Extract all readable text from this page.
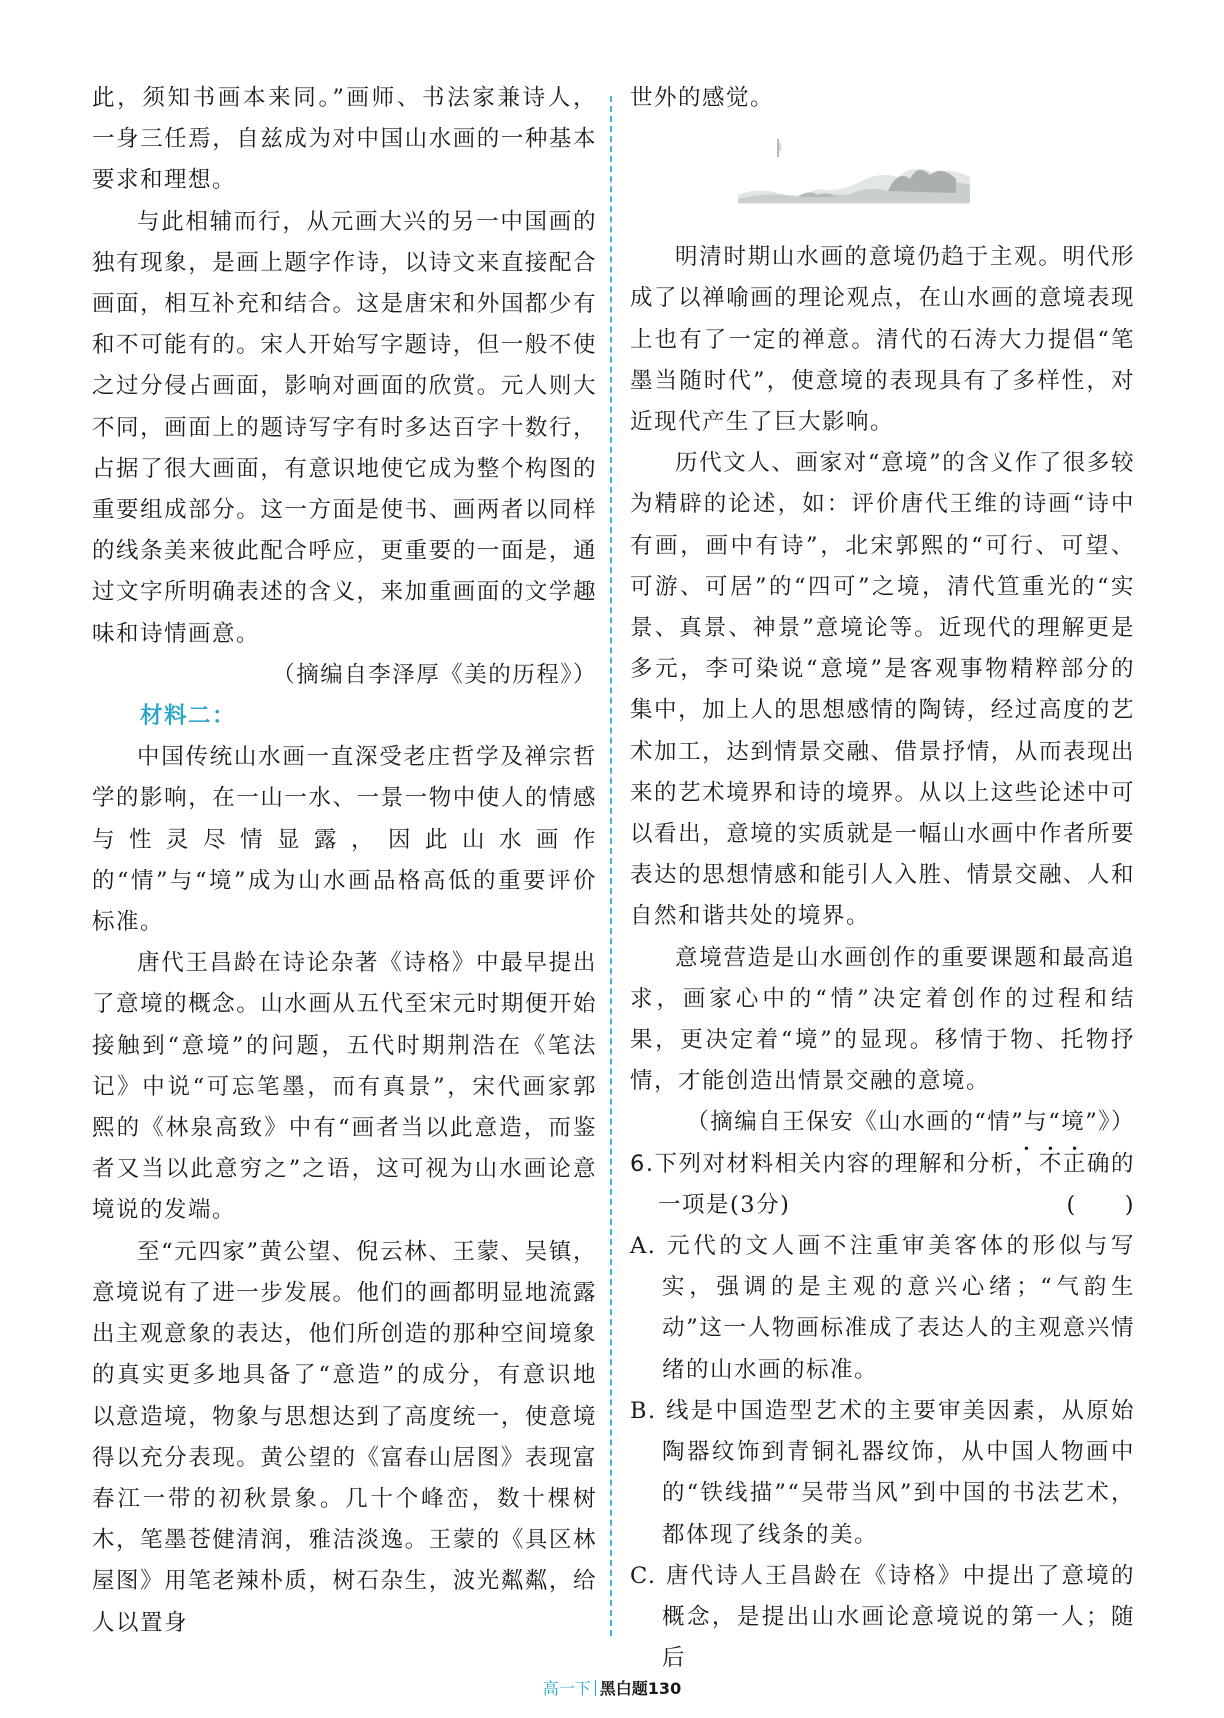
此，须知书画本来同。”画师、书法家兼诗人，一身三任焉，自兹成为对中国山水画的一种基本要求和理想。

与此相辅而行，从元画大兴的另一中国画的独有现象，是画上题字作诗，以诗文来直接配合画面，相互补充和结合。这是唐宋和外国都少有和不可能有的。宋人开始写字题诗，但一般不使之过分侵占画面，影响对画面的欣赏。元人则大不同，画面上的题诗写字有时多达百字十数行，占据了很大画面，有意识地使它成为整个构图的重要组成部分。这一方面是使书、画两者以同样的线条美来彼此配合呼应，更重要的一面是，通过文字所明确表述的含义，来加重画面的文学趣味和诗情画意。

（摘编自李泽厚《美的历程》）

材料二：

中国传统山水画一直深受老庄哲学及禅宗哲学的影响，在一山一水、一景一物中使人的情感与性灵尽情显露，因此山水画作的“情”与“境”成为山水画品格高低的重要评价标准。

唐代王昌龄在诗论杂著《诗格》中最早提出了意境的概念。山水画从五代至宋元时期便开始接触到“意境”的问题，五代时期荆浩在《笔法记》中说“可忘笔墨，而有真景”，宋代画家郭熙的《林泉高致》中有“画者当以此意造，而鉴者又当以此意穷之”之语，这可视为山水画论意境说的发端。

至“元四家”黄公望、倪云林、王蒙、吴镇，意境说有了进一步发展。他们的画都明显地流露出主观意象的表达，他们所创造的那种空间境象的真实更多地具备了“意造”的成分，有意识地以意造境，物象与思想达到了高度统一，使意境得以充分表现。黄公望的《富春山居图》表现富春江一带的初秋景象。几十个峰峦，数十棵树木，笔墨苍健清润，雅洁淡逸。王蒙的《具区林屋图》用笔老辣朴质，树石杂生，波光粼粼，给人以置身

世外的感觉。

明清时期山水画的意境仍趋于主观。明代形成了以禅喻画的理论观点，在山水画的意境表现上也有了一定的禅意。清代的石涛大力提倡“笔墨当随时代”，使意境的表现具有了多样性，对近现代产生了巨大影响。

历代文人、画家对“意境”的含义作了很多较为精辟的论述，如：评价唐代王维的诗画“诗中有画，画中有诗”，北宋郭熙的“可行、可望、可游、可居”的“四可”之境，清代笪重光的“实景、真景、神景”意境论等。近现代的理解更是多元，李可染说“意境”是客观事物精粹部分的集中，加上人的思想感情的陶铸，经过高度的艺术加工，达到情景交融、借景抒情，从而表现出来的艺术境界和诗的境界。从以上这些论述中可以看出，意境的实质就是一幅山水画中作者所要表达的思想情感和能引人入胜、情景交融、人和自然和谐共处的境界。

意境营造是山水画创作的重要课题和最高追求，画家心中的“情”决定着创作的过程和结果，更决定着“境”的显现。移情于物、托物抒情，才能创造出情景交融的意境。

（摘编自王保安《山水画的“情”与“境”》）

6.下列对材料相关内容的理解和分析，不正确的一项是(3分)	(　　)

A. 元代的文人画不注重审美客体的形似与写实，强调的是主观的意兴心绪；“气韵生动”这一人物画标准成了表达人的主观意兴情绪的山水画的标准。

B. 线是中国造型艺术的主要审美因素，从原始陶器纹饰到青铜礼器纹饰，从中国人物画中的“铁线描”“吴带当风”到中国的书法艺术，都体现了线条的美。

C. 唐代诗人王昌龄在《诗格》中提出了意境的概念，是提出山水画论意境说的第一人；随后

高一下 黑白题130
